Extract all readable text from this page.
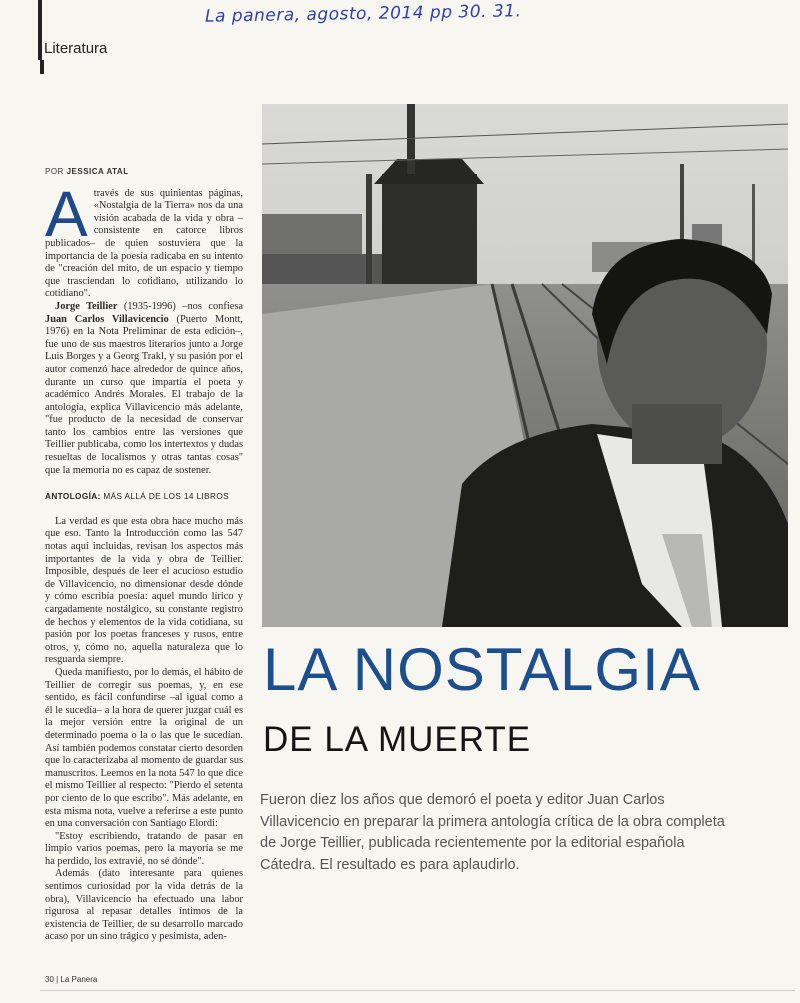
La panera, agosto, 2014 pp 30. 31.
Literatura
POR JESSICA ATAL

Através de sus quinientas páginas, «Nostalgia de la Tierra» nos da una visión acabada de la vida y obra –consistente en catorce libros publicados– de quien sostuviera que la importancia de la poesía radicaba en su intento de "creación del mito, de un espacio y tiempo que trasciendan lo cotidiano, utilizando lo cotidiano".

Jorge Teillier (1935-1996) –nos confiesa Juan Carlos Villavicencio (Puerto Montt, 1976) en la Nota Preliminar de esta edición–, fue uno de sus maestros literarios junto a Jorge Luis Borges y a Georg Trakl, y su pasión por el autor comenzó hace alrededor de quince años, durante un curso que impartía el poeta y académico Andrés Morales. El trabajo de la antología, explica Villavicencio más adelante, "fue producto de la necesidad de conservar tanto los cambios entre las versiones que Teillier publicaba, como los intertextos y dudas resueltas de localismos y otras tantas cosas" que la memoria no es capaz de sostener.

ANTOLOGÍA: MÁS ALLÁ DE LOS 14 LIBROS

La verdad es que esta obra hace mucho más que eso. Tanto la Introducción como las 547 notas aquí incluidas, revisan los aspectos más importantes de la vida y obra de Teillier. Imposible, después de leer el acucioso estudio de Villavicencio, no dimensionar desde dónde y cómo escribía poesía: aquel mundo lírico y cargadamente nostálgico, su constante registro de hechos y elementos de la vida cotidiana, su pasión por los poetas franceses y rusos, entre otros, y, cómo no, aquella naturaleza que lo resguarda siempre.

Queda manifiesto, por lo demás, el hábito de Teillier de corregir sus poemas, y, en ese sentido, es fácil confundirse –al igual como a él le sucedía– a la hora de querer juzgar cuál es la mejor versión entre la original de un determinado poema o la o las que le sucedían. Así también podemos constatar cierto desorden que lo caracterizaba al momento de guardar sus manuscritos. Leemos en la nota 547 lo que dice el mismo Teillier al respecto: "Pierdo el setenta por ciento de lo que escribo". Más adelante, en esta misma nota, vuelve a referirse a este punto en una conversación con Santiago Elordi:

"Estoy escribiendo, tratando de pasar en limpio varios poemas, pero la mayoría se me ha perdido, los extravié, no sé dónde".

Además (dato interesante para quienes sentimos curiosidad por la vida detrás de la obra), Villavicencio ha efectuado una labor rigurosa al repasar detalles íntimos de la existencia de Teillier, de su desarrollo marcado acaso por un sino trágico y pesimista, aden-

LA NOSTALGIA
DE LA MUERTE
Fueron diez los años que demoró el poeta y editor Juan Carlos Villavicencio en preparar la primera antología crítica de la obra completa de Jorge Teillier, publicada recientemente por la editorial española Cátedra. El resultado es para aplaudirlo.
30 | La Panera
